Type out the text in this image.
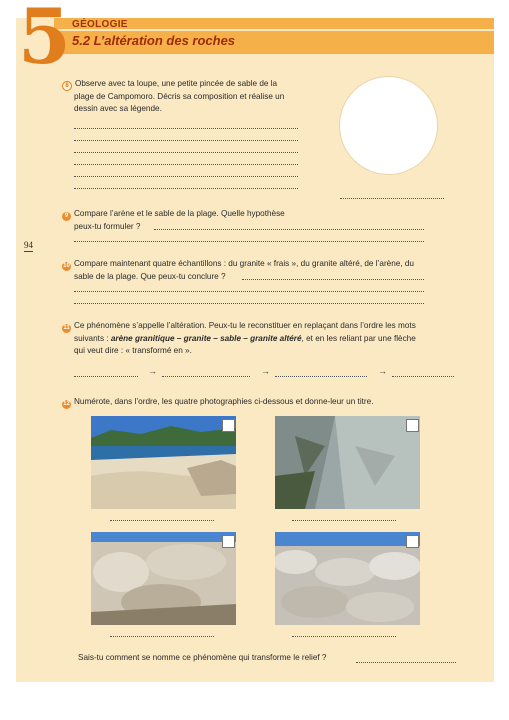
5 GÉOLOGIE
5.2 L’altération des roches
94
8 Observe avec ta loupe, une petite pincée de sable de la
plage de Campomoro. Décris sa composition et réalise un
dessin avec sa légende.
9 Compare l’arène et le sable de la plage. Quelle hypothèse
peux-tu formuler ?
10 Compare maintenant quatre échantillons : du granite « frais », du granite altéré, de l’arène, du
sable de la plage. Que peux-tu conclure ?
11 Ce phénomène s’appelle l’altération. Peux-tu le reconstituer en replaçant dans l’ordre les mots
suivants : arène granitique – granite – sable – granite altéré, et en les reliant par une flèche
qui veut dire : « transformé en ».
→	→	→
12 Numérote, dans l’ordre, les quatre photographies ci-dessous et donne-leur un titre.
Sais-tu comment se nomme ce phénomène qui transforme le relief ?
